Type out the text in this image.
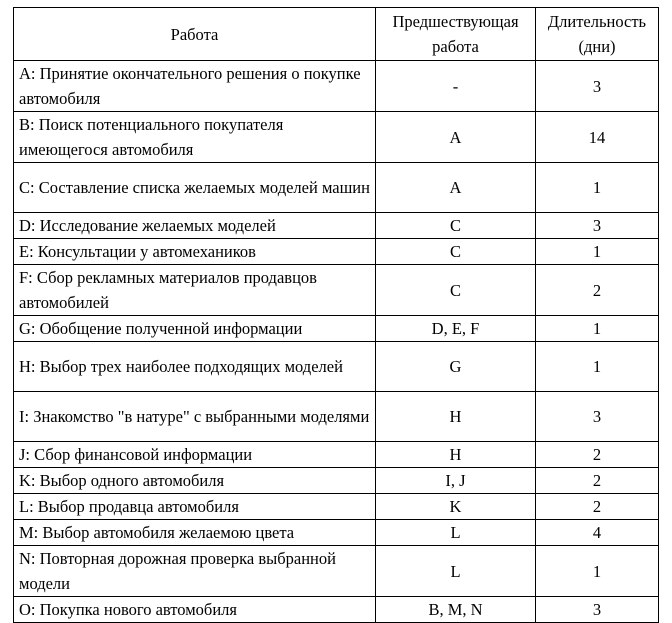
Работа	Предшествующая работа	Длительность (дни)
A: Принятие окончательного решения о покупке автомобиля	-	3
B: Поиск потенциального покупателя имеющегося автомобиля	A	14
C: Составление списка желаемых моделей машин	A	1
D: Исследование желаемых моделей	C	3
E: Консультации у автомехаников	C	1
F: Сбор рекламных материалов продавцов автомобилей	C	2
G: Обобщение полученной информации	D, E, F	1
H: Выбор трех наиболее подходящих моделей	G	1
I: Знакомство "в натуре" с выбранными моделями	H	3
J: Сбор финансовой информации	H	2
K: Выбор одного автомобиля	I, J	2
L: Выбор продавца автомобиля	K	2
M: Выбор автомобиля желаемою цвета	L	4
N: Повторная дорожная проверка выбранной модели	L	1
O: Покупка нового автомобиля	B, M, N	3
